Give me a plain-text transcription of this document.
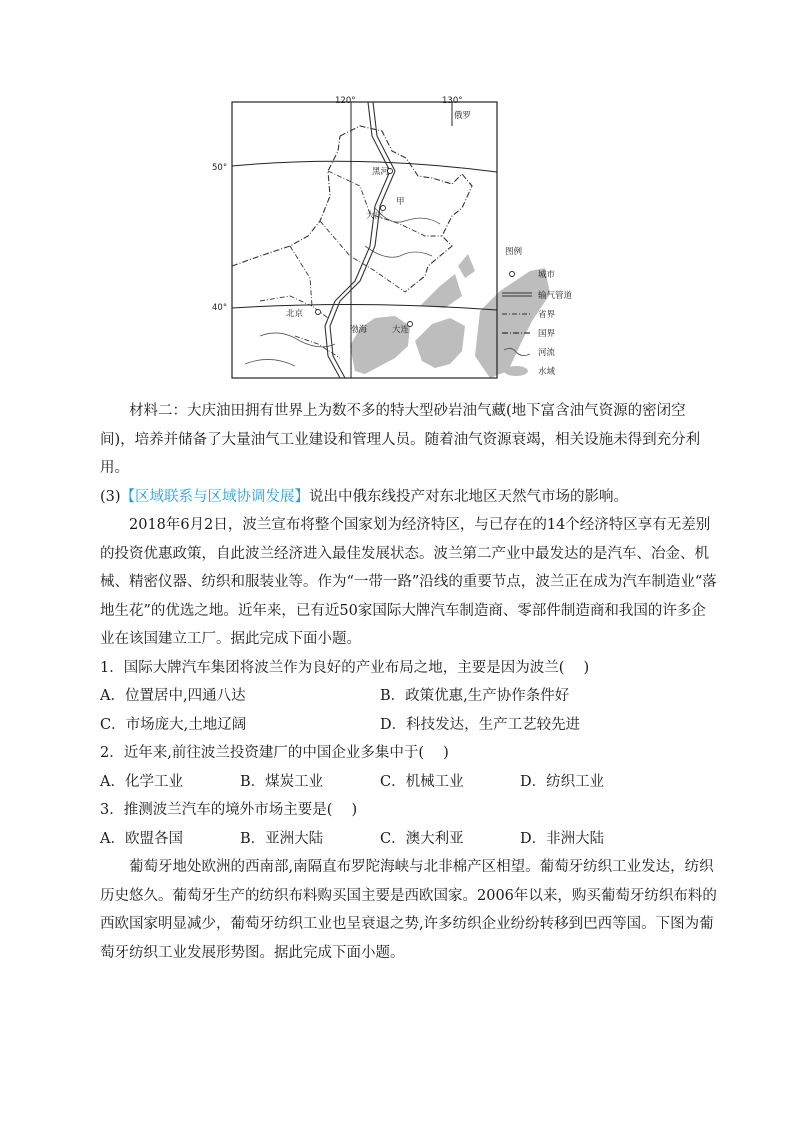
120°	130°
俄罗
50°
40°
黑河
大庆
甲
北京
渤海	大连
图例
城市
输气管道
省界
国界
河流
水域

材料二：大庆油田拥有世界上为数不多的特大型砂岩油气藏(地下富含油气资源的密闭空间)，培养并储备了大量油气工业建设和管理人员。随着油气资源衰竭，相关设施未得到充分利用。

(3)【区域联系与区域协调发展】说出中俄东线投产对东北地区天然气市场的影响。

2018年6月2日，波兰宣布将整个国家划为经济特区，与已存在的14个经济特区享有无差别的投资优惠政策，自此波兰经济进入最佳发展状态。波兰第二产业中最发达的是汽车、冶金、机械、精密仪器、纺织和服装业等。作为“一带一路”沿线的重要节点，波兰正在成为汽车制造业“落地生花”的优选之地。近年来，已有近50家国际大牌汽车制造商、零部件制造商和我国的许多企业在该国建立工厂。据此完成下面小题。

1．国际大牌汽车集团将波兰作为良好的产业布局之地，主要是因为波兰(　 )

A．位置居中,四通八达	B．政策优惠,生产协作条件好
C．市场庞大,土地辽阔	D．科技发达，生产工艺较先进

2．近年来,前往波兰投资建厂的中国企业多集中于(　 )

A．化学工业	B．煤炭工业	C．机械工业	D．纺织工业

3．推测波兰汽车的境外市场主要是(　 )

A．欧盟各国	B．亚洲大陆	C．澳大利亚	D．非洲大陆

葡萄牙地处欧洲的西南部,南隔直布罗陀海峡与北非棉产区相望。葡萄牙纺织工业发达，纺织历史悠久。葡萄牙生产的纺织布料购买国主要是西欧国家。2006年以来，购买葡萄牙纺织布料的西欧国家明显减少，葡萄牙纺织工业也呈衰退之势,许多纺织企业纷纷转移到巴西等国。下图为葡萄牙纺织工业发展形势图。据此完成下面小题。
